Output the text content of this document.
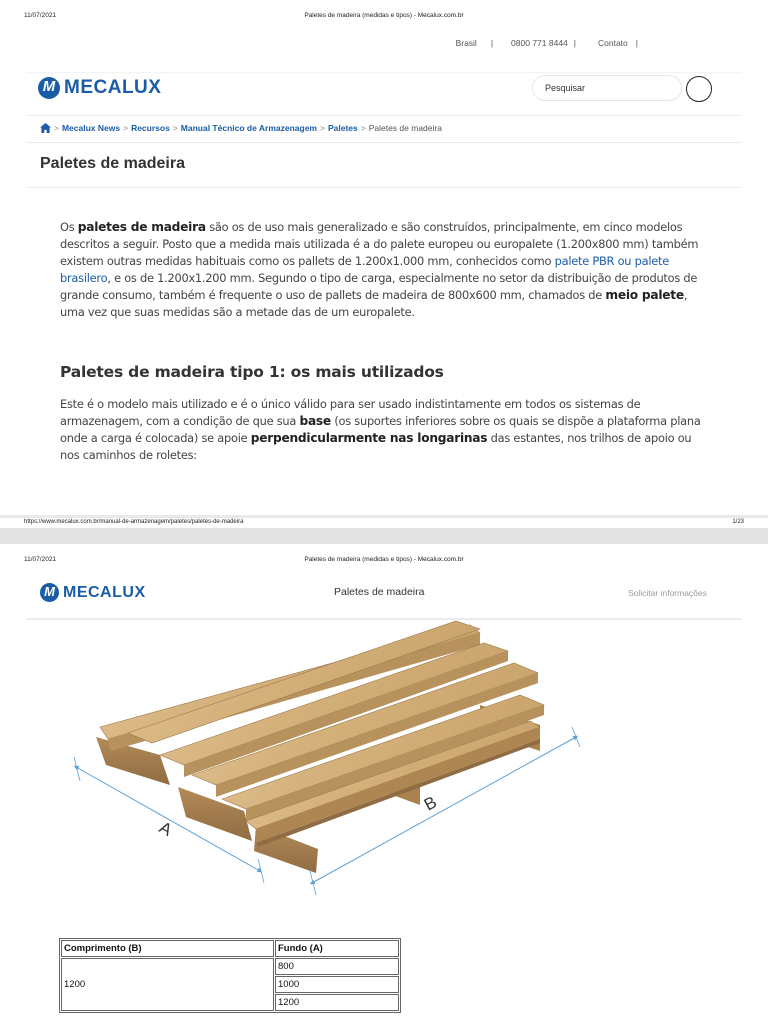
11/07/2021	Paletes de madeira (medidas e tipos) - Mecalux.com.br
Brasil | 0800 771 8444 |	Contato |
M
MECALUX
Pesquisar
> Mecalux News > Recursos > Manual Técnico de Armazenagem > Paletes > Paletes de madeira
Paletes de madeira

Os paletes de madeira são os de uso mais generalizado e são construídos, principalmente, em cinco modelos descritos a seguir. Posto que a medida mais utilizada é a do palete europeu ou europalete (1.200x800 mm) também existem outras medidas habituais como os pallets de 1.200x1.000 mm, conhecidos como palete PBR ou palete brasilero, e os de 1.200x1.200 mm. Segundo o tipo de carga, especialmente no setor da distribuição de produtos de grande consumo, também é frequente o uso de pallets de madeira de 800x600 mm, chamados de meio palete, uma vez que suas medidas são a metade das de um europalete.

Paletes de madeira tipo 1: os mais utilizados

Este é o modelo mais utilizado e é o único válido para ser usado indistintamente em todos os sistemas de armazenagem, com a condição de que sua base (os suportes inferiores sobre os quais se dispõe a plataforma plana onde a carga é colocada) se apoie perpendicularmente nas longarinas das estantes, nos trilhos de apoio ou nos caminhos de roletes:

https://www.mecalux.com.br/manual-de-armazenagem/paletes/paletes-de-madeira	1/23
11/07/2021	Paletes de madeira (medidas e tipos) - Mecalux.com.br
M
MECALUX	Paletes de madeira	Solicitar informações
A
B
Comprimento (B)	Fundo (A)
1200	800
	1000
	1200
